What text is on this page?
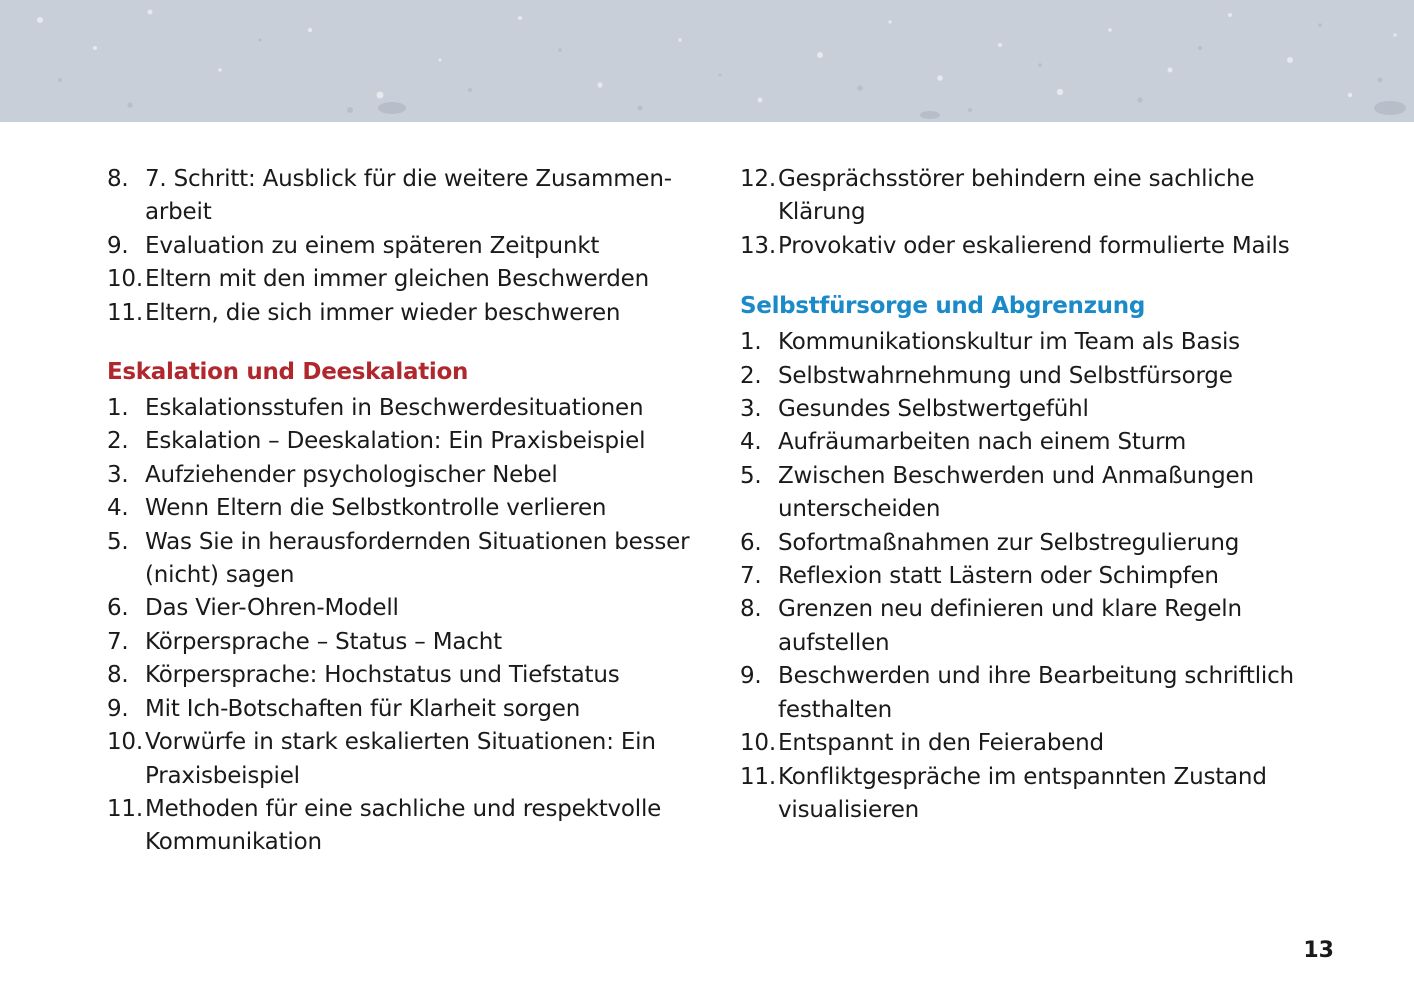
8. 7. Schritt: Ausblick für die weitere Zusammen-arbeit
9. Evaluation zu einem späteren Zeitpunkt
10. Eltern mit den immer gleichen Beschwerden
11. Eltern, die sich immer wieder beschweren
Eskalation und Deeskalation
1. Eskalationsstufen in Beschwerdesituationen
2. Eskalation – Deeskalation: Ein Praxisbeispiel
3. Aufziehender psychologischer Nebel
4. Wenn Eltern die Selbstkontrolle verlieren
5. Was Sie in herausfordernden Situationen besser (nicht) sagen
6. Das Vier-Ohren-Modell
7. Körpersprache – Status – Macht
8. Körpersprache: Hochstatus und Tiefstatus
9. Mit Ich-Botschaften für Klarheit sorgen
10. Vorwürfe in stark eskalierten Situationen: Ein Praxisbeispiel
11. Methoden für eine sachliche und respektvolle Kommunikation
12. Gesprächsstörer behindern eine sachliche Klärung
13. Provokativ oder eskalierend formulierte Mails
Selbstfürsorge und Abgrenzung
1. Kommunikationskultur im Team als Basis
2. Selbstwahrnehmung und Selbstfürsorge
3. Gesundes Selbstwertgefühl
4. Aufräumarbeiten nach einem Sturm
5. Zwischen Beschwerden und Anmaßungen unterscheiden
6. Sofortmaßnahmen zur Selbstregulierung
7. Reflexion statt Lästern oder Schimpfen
8. Grenzen neu definieren und klare Regeln aufstellen
9. Beschwerden und ihre Bearbeitung schriftlich festhalten
10. Entspannt in den Feierabend
11. Konfliktgespräche im entspannten Zustand visualisieren
13
